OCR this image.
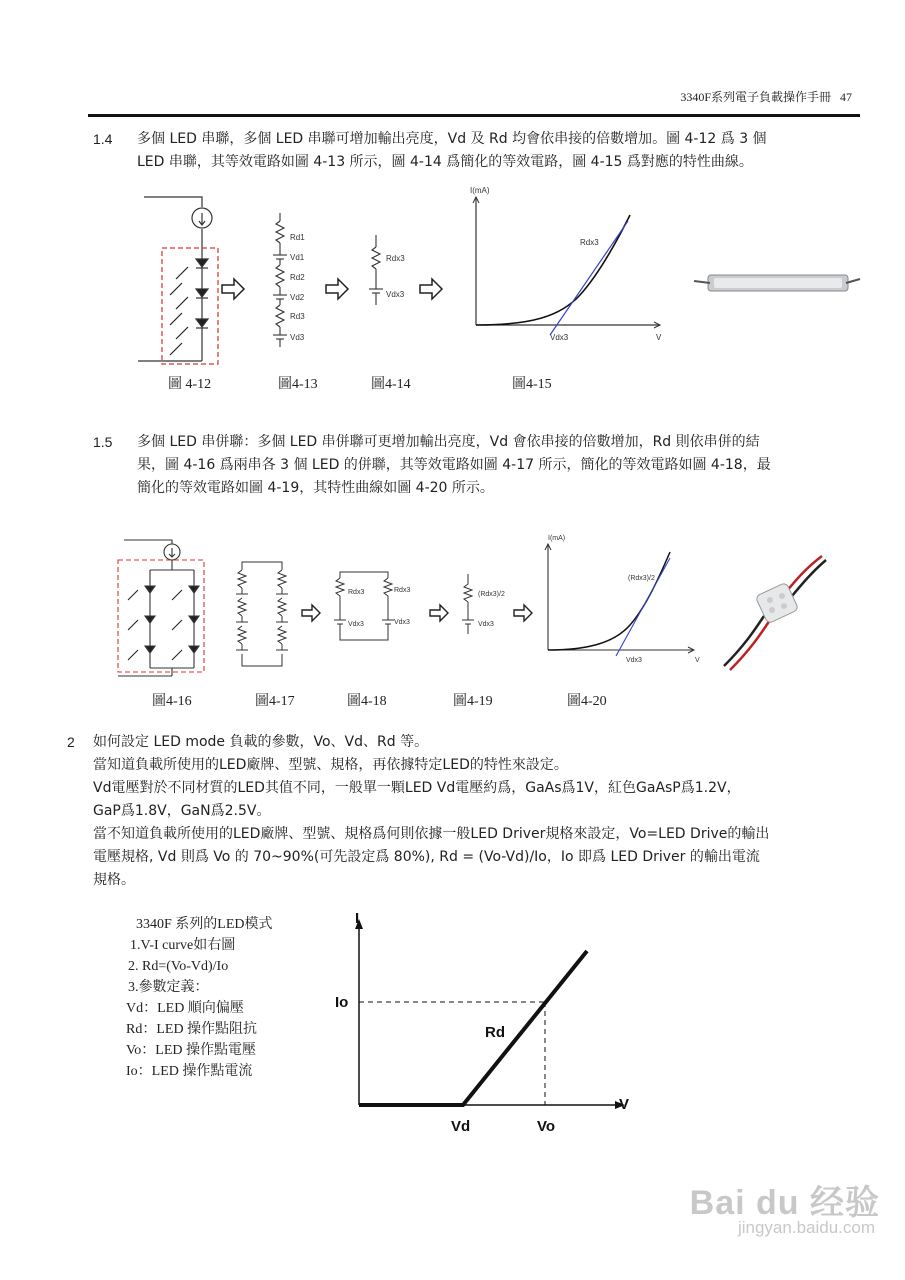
3340F系列電子負載操作手冊 47
1.4 多個 LED 串聯，多個 LED 串聯可增加輸出亮度，Vd 及 Rd 均會依串接的倍數增加。圖 4-12 爲 3 個
LED 串聯，其等效電路如圖 4-13 所示，圖 4-14 爲簡化的等效電路，圖 4-15 爲對應的特性曲線。
Rd1
Vd1
Rd2
Vd2
Rd3
Vd3
Rdx3
Vdx3
I(mA)
Rdx3
Vdx3	V
圖 4-12	圖4-13	圖4-14	圖4-15
1.5 多個 LED 串併聯：多個 LED 串併聯可更增加輸出亮度，Vd 會依串接的倍數增加，Rd 則依串併的結
果，圖 4-16 爲兩串各 3 個 LED 的併聯，其等效電路如圖 4-17 所示，簡化的等效電路如圖 4-18，最
簡化的等效電路如圖 4-19，其特性曲線如圖 4-20 所示。
Rdx3	Rdx3
Vdx3	Vdx3
(Rdx3)/2
Vdx3
I(mA)
(Rdx3)/2
Vdx3	V
圖4-16	圖4-17	圖4-18	圖4-19	圖4-20
2 如何設定 LED mode 負載的參數，Vo、Vd、Rd 等。
當知道負載所使用的LED廠牌、型號、規格，再依據特定LED的特性來設定。
Vd電壓對於不同材質的LED其值不同，一般單一顆LED Vd電壓約爲，GaAs爲1V，紅色GaAsP爲1.2V，
GaP爲1.8V，GaN爲2.5V。
當不知道負載所使用的LED廠牌、型號、規格爲何則依據一般LED Driver規格來設定，Vo=LED Drive的輸出
電壓規格, Vd 則爲 Vo 的 70~90%(可先設定爲 80%), Rd = (Vo-Vd)/Io，Io 即爲 LED Driver 的輸出電流
規格。
3340F 系列的LED模式
1.V-I curve如右圖
2. Rd=(Vo-Vd)/Io
3.參數定義：
Vd：LED 順向偏壓
Rd：LED 操作點阻抗
Vo：LED 操作點電壓
Io：LED 操作點電流
I
V
Io
Rd
Vd	Vo
Bai du 经验
jingyan.baidu.com
